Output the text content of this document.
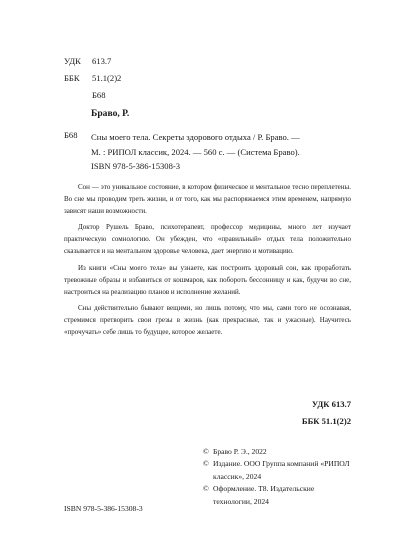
УДК	613.7
ББК	51.1(2)2
Б68
Браво, Р.
Б68 Сны моего тела. Секреты здорового отдыха / Р. Браво. —
М. : РИПОЛ классик, 2024. — 560 с. — (Система Браво).
ISBN 978-5-386-15308-3

Сон — это уникальное состояние, в котором физическое и ментальное тесно переплетены. Во сне мы проводим треть жизни, и от того, как мы распоряжаемся этим временем, напрямую зависят наши возможности.

Доктор Рушель Браво, психотерапевт, профессор медицины, много лет изучает практическую сомнологию. Он убежден, что «правильный» отдых тела положительно сказывается и на ментальном здоровье человека, дает энергию и мотивацию.

Из книги «Сны моего тела» вы узнаете, как построить здоровый сон, как проработать тревожные образы и избавиться от кошмаров, как побороть бессонницу и как, будучи во сне, настроиться на реализацию планов и исполнение желаний.

Сны действительно бывают вещими, но лишь потому, что мы, сами того не осознавая, стремимся претворить свои грезы в жизнь (как прекрасные, так и ужасные). Научитесь «прочучать» себе лишь то будущее, которое желаете.

УДК 613.7
ББК 51.1(2)2
© Браво Р. Э., 2022
© Издание. ООО Группа компаний «РИПОЛ классик», 2024
© Оформление. Т8. Издательские технологии, 2024
ISBN 978-5-386-15308-3
